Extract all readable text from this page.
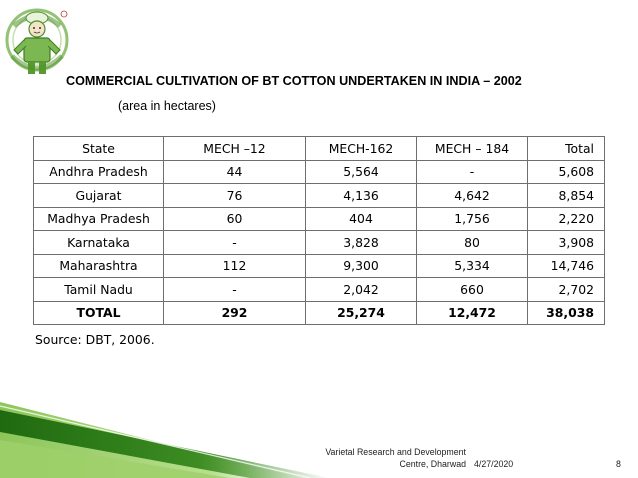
COMMERCIAL CULTIVATION OF BT COTTON UNDERTAKEN IN INDIA – 2002
(area in hectares)
State	MECH –12	MECH-162	MECH – 184	Total
Andhra Pradesh	44	5,564	-	5,608
Gujarat	76	4,136	4,642	8,854
Madhya Pradesh	60	404	1,756	2,220
Karnataka	-	3,828	80	3,908
Maharashtra	112	9,300	5,334	14,746
Tamil Nadu	-	2,042	660	2,702
TOTAL	292	25,274	12,472	38,038
Source: DBT, 2006.
Varietal Research and Development
Centre, Dharwad 4/27/2020	8
